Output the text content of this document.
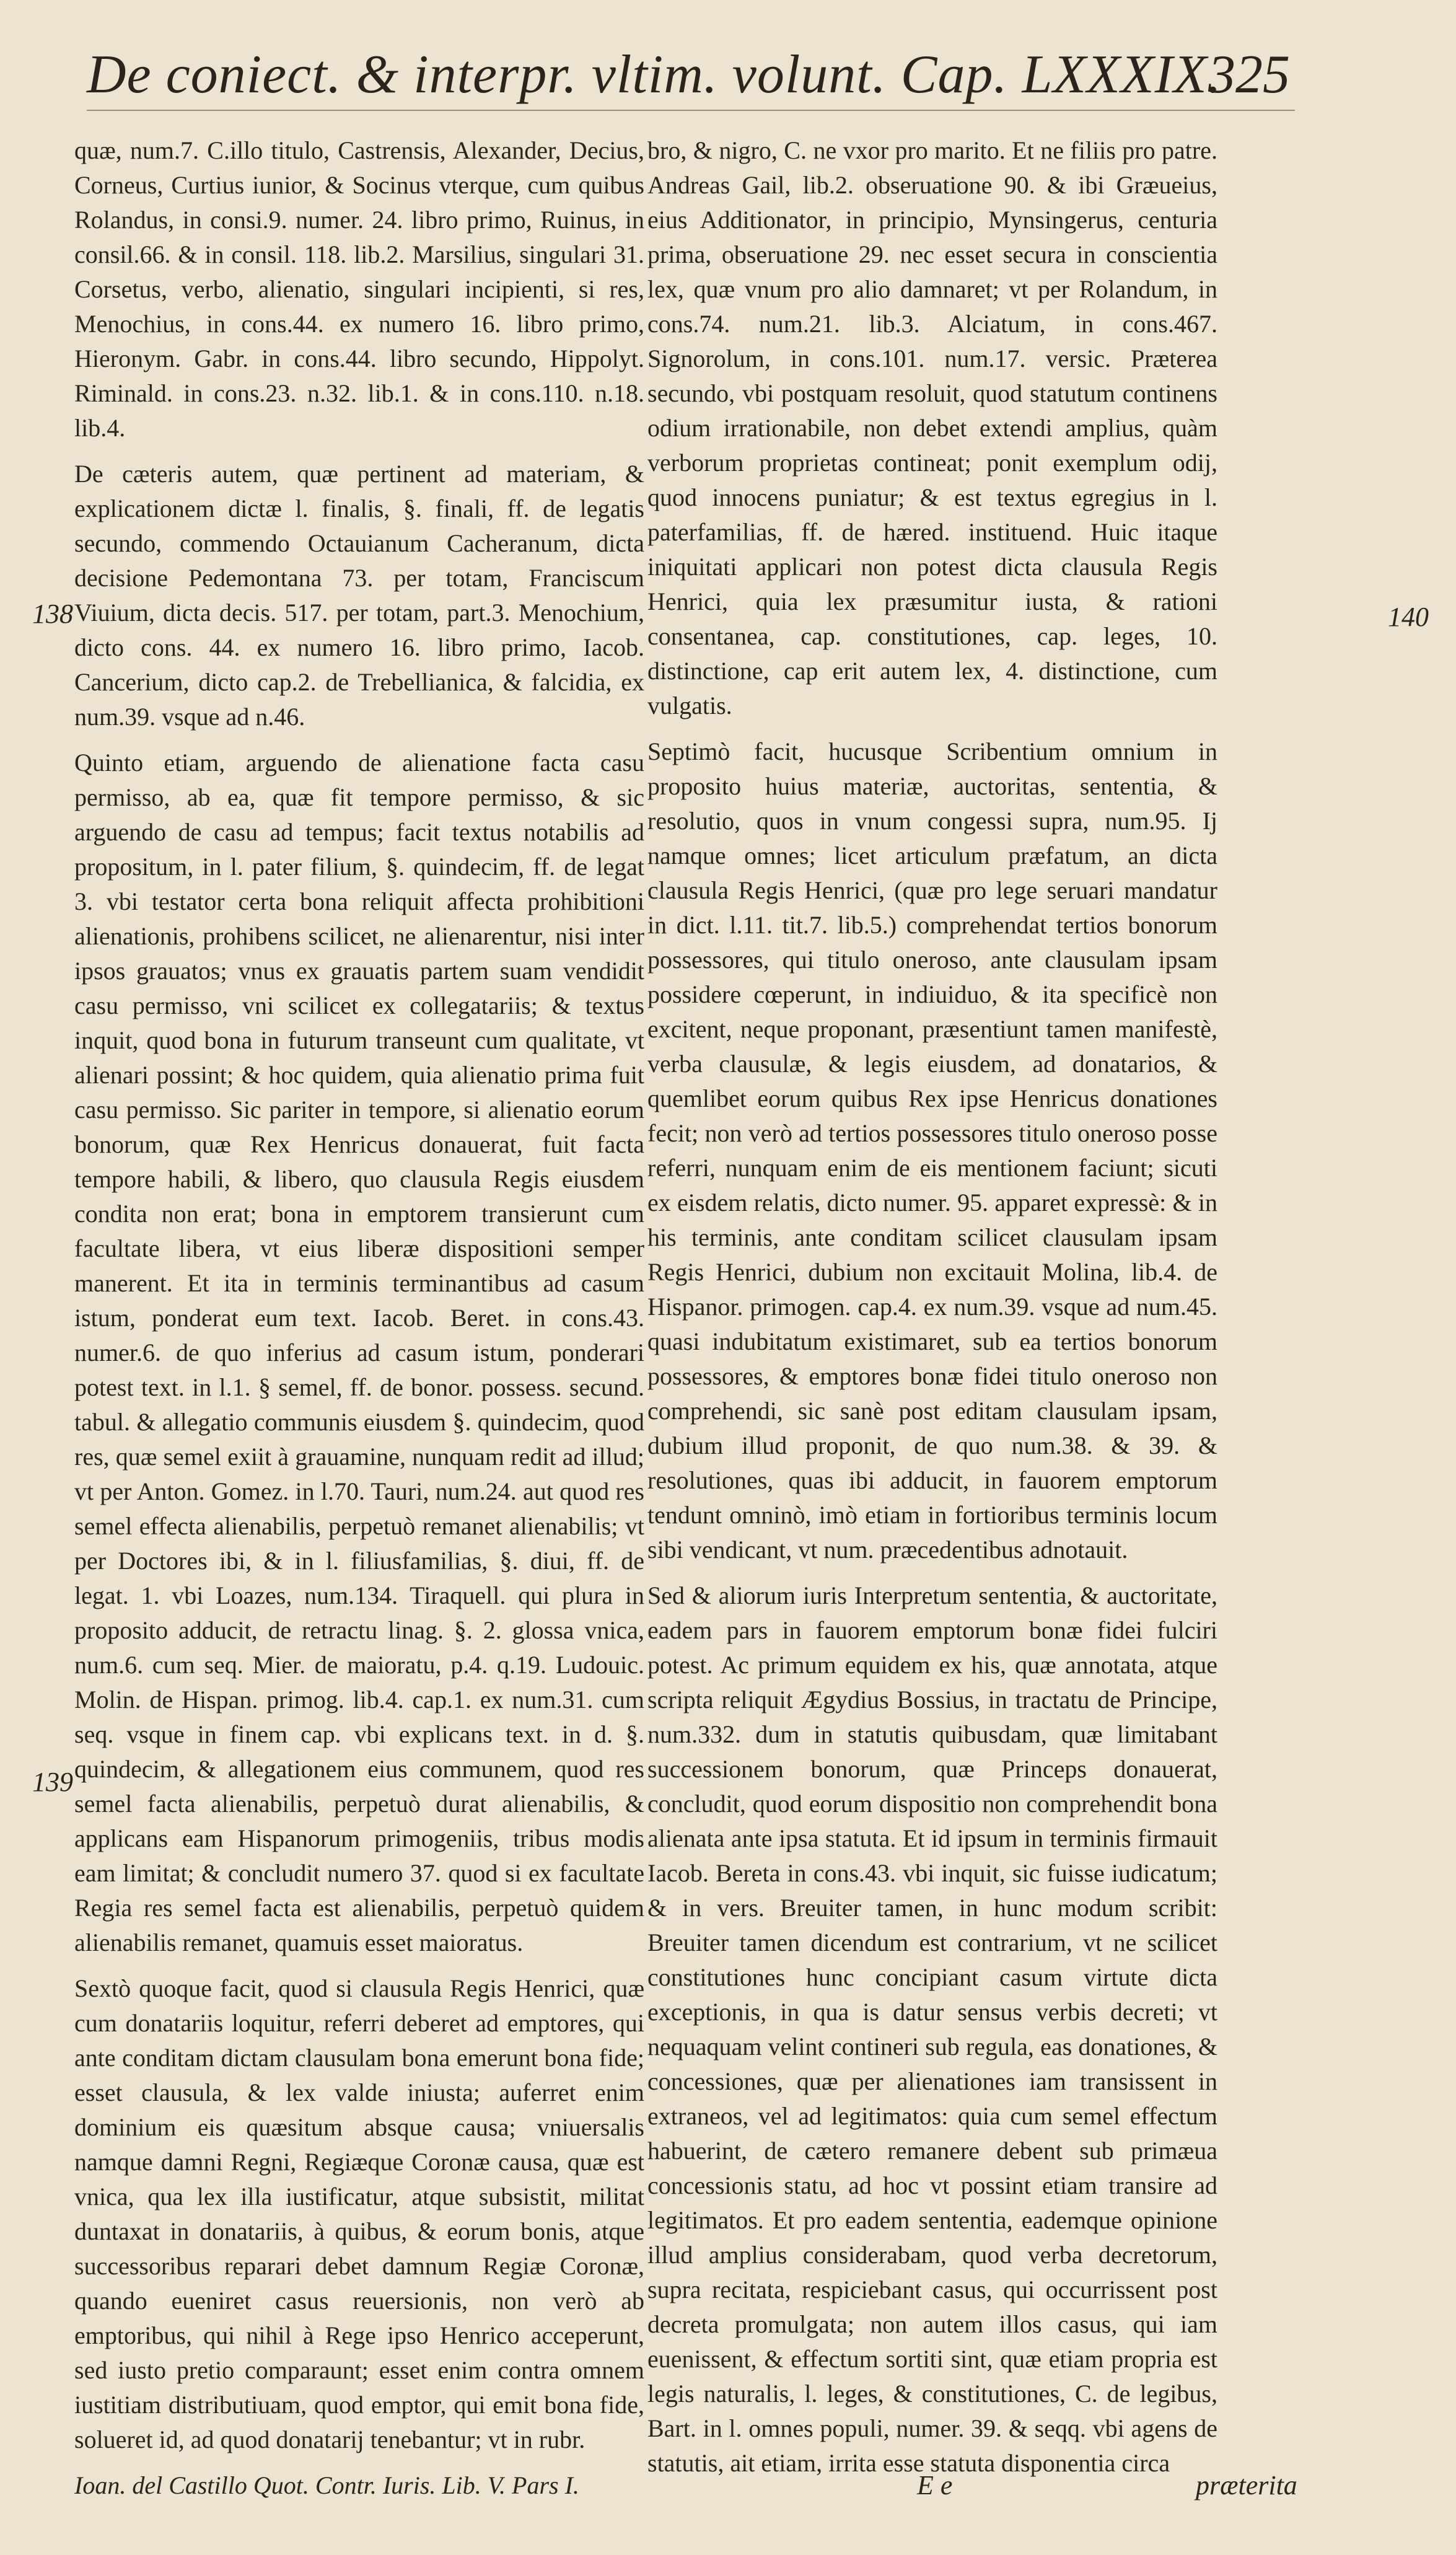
De coniect. & interpr. vltim. volunt. Cap. LXXXIX.
325

quæ, num.7. C.illo titulo, Castrensis, Alexander, Decius, Corneus, Curtius iunior, & Socinus vterque, cum quibus Rolandus, in consi.9. numer. 24. libro primo, Ruinus, in consil.66. & in consil. 118. lib.2. Marsilius, singulari 31. Corsetus, verbo, alienatio, singulari incipienti, si res, Menochius, in cons.44. ex numero 16. libro primo, Hieronym. Gabr. in cons.44. libro secundo, Hippolyt. Riminald. in cons.23. n.32. lib.1. & in cons.110. n.18. lib.4.

De cæteris autem, quæ pertinent ad materiam, & explicationem dictæ l. finalis, §. finali, ff. de legatis secundo, commendo Octauianum Cacheranum, dicta decisione Pedemontana 73. per totam, Franciscum Viuium, dicta decis. 517. per totam, part.3. Menochium, dicto cons. 44. ex numero 16. libro primo, Iacob. Cancerium, dicto cap.2. de Trebellianica, & falcidia, ex num.39. vsque ad n.46.

Quinto etiam, arguendo de alienatione facta casu permisso, ab ea, quæ fit tempore permisso, & sic arguendo de casu ad tempus; facit textus notabilis ad propositum, in l. pater filium, §. quindecim, ff. de legat 3. vbi testator certa bona reliquit affecta prohibitioni alienationis, prohibens scilicet, ne alienarentur, nisi inter ipsos grauatos; vnus ex grauatis partem suam vendidit casu permisso, vni scilicet ex collegatariis; & textus inquit, quod bona in futurum transeunt cum qualitate, vt alienari possint; & hoc quidem, quia alienatio prima fuit casu permisso. Sic pariter in tempore, si alienatio eorum bonorum, quæ Rex Henricus donauerat, fuit facta tempore habili, & libero, quo clausula Regis eiusdem condita non erat; bona in emptorem transierunt cum facultate libera, vt eius liberæ dispositioni semper manerent. Et ita in terminis terminantibus ad casum istum, ponderat eum text. Iacob. Beret. in cons.43. numer.6. de quo inferius ad casum istum, ponderari potest text. in l.1. § semel, ff. de bonor. possess. secund. tabul. & allegatio communis eiusdem §. quindecim, quod res, quæ semel exiit à grauamine, nunquam redit ad illud; vt per Anton. Gomez. in l.70. Tauri, num.24. aut quod res semel effecta alienabilis, perpetuò remanet alienabilis; vt per Doctores ibi, & in l. filiusfamilias, §. diui, ff. de legat. 1. vbi Loazes, num.134. Tiraquell. qui plura in proposito adducit, de retractu linag. §. 2. glossa vnica, num.6. cum seq. Mier. de maioratu, p.4. q.19. Ludouic. Molin. de Hispan. primog. lib.4. cap.1. ex num.31. cum seq. vsque in finem cap. vbi explicans text. in d. §. quindecim, & allegationem eius communem, quod res semel facta alienabilis, perpetuò durat alienabilis, & applicans eam Hispanorum primogeniis, tribus modis eam limitat; & concludit numero 37. quod si ex facultate Regia res semel facta est alienabilis, perpetuò quidem alienabilis remanet, quamuis esset maioratus.

Sextò quoque facit, quod si clausula Regis Henrici, quæ cum donatariis loquitur, referri deberet ad emptores, qui ante conditam dictam clausulam bona emerunt bona fide; esset clausula, & lex valde iniusta; auferret enim dominium eis quæsitum absque causa; vniuersalis namque damni Regni, Regiæque Coronæ causa, quæ est vnica, qua lex illa iustificatur, atque subsistit, militat duntaxat in donatariis, à quibus, & eorum bonis, atque successoribus reparari debet damnum Regiæ Coronæ, quando eueniret casus reuersionis, non verò ab emptoribus, qui nihil à Rege ipso Henrico acceperunt, sed iusto pretio comparaunt; esset enim contra omnem iustitiam distributiuam, quod emptor, qui emit bona fide, solueret id, ad quod donatarij tenebantur; vt in rubr.

Ioan. del Castillo Quot. Contr. Iuris. Lib. V. Pars I.

bro, & nigro, C. ne vxor pro marito. Et ne filiis pro patre. Andreas Gail, lib.2. obseruatione 90. & ibi Græueius, eius Additionator, in principio, Mynsingerus, centuria prima, obseruatione 29. nec esset secura in conscientia lex, quæ vnum pro alio damnaret; vt per Rolandum, in cons.74. num.21. lib.3. Alciatum, in cons.467. Signorolum, in cons.101. num.17. versic. Præterea secundo, vbi postquam resoluit, quod statutum continens odium irrationabile, non debet extendi amplius, quàm verborum proprietas contineat; ponit exemplum odij, quod innocens puniatur; & est textus egregius in l. paterfamilias, ff. de hæred. instituend. Huic itaque iniquitati applicari non potest dicta clausula Regis Henrici, quia lex præsumitur iusta, & rationi consentanea, cap. constitutiones, cap. leges, 10. distinctione, cap erit autem lex, 4. distinctione, cum vulgatis.

Septimò facit, hucusque Scribentium omnium in proposito huius materiæ, auctoritas, sententia, & resolutio, quos in vnum congessi supra, num.95. Ij namque omnes; licet articulum præfatum, an dicta clausula Regis Henrici, (quæ pro lege seruari mandatur in dict. l.11. tit.7. lib.5.) comprehendat tertios bonorum possessores, qui titulo oneroso, ante clausulam ipsam possidere cœperunt, in indiuiduo, & ita specificè non excitent, neque proponant, præsentiunt tamen manifestè, verba clausulæ, & legis eiusdem, ad donatarios, & quemlibet eorum quibus Rex ipse Henricus donationes fecit; non verò ad tertios possessores titulo oneroso posse referri, nunquam enim de eis mentionem faciunt; sicuti ex eisdem relatis, dicto numer. 95. apparet expressè: & in his terminis, ante conditam scilicet clausulam ipsam Regis Henrici, dubium non excitauit Molina, lib.4. de Hispanor. primogen. cap.4. ex num.39. vsque ad num.45. quasi indubitatum existimaret, sub ea tertios bonorum possessores, & emptores bonæ fidei titulo oneroso non comprehendi, sic sanè post editam clausulam ipsam, dubium illud proponit, de quo num.38. & 39. & resolutiones, quas ibi adducit, in fauorem emptorum tendunt omninò, imò etiam in fortioribus terminis locum sibi vendicant, vt num. præcedentibus adnotauit.

Sed & aliorum iuris Interpretum sententia, & auctoritate, eadem pars in fauorem emptorum bonæ fidei fulciri potest. Ac primum equidem ex his, quæ annotata, atque scripta reliquit Ægydius Bossius, in tractatu de Principe, num.332. dum in statutis quibusdam, quæ limitabant successionem bonorum, quæ Princeps donauerat, concludit, quod eorum dispositio non comprehendit bona alienata ante ipsa statuta. Et id ipsum in terminis firmauit Iacob. Bereta in cons.43. vbi inquit, sic fuisse iudicatum; & in vers. Breuiter tamen, in hunc modum scribit: Breuiter tamen dicendum est contrarium, vt ne scilicet constitutiones hunc concipiant casum virtute dicta exceptionis, in qua is datur sensus verbis decreti; vt nequaquam velint contineri sub regula, eas donationes, & concessiones, quæ per alienationes iam transissent in extraneos, vel ad legitimatos: quia cum semel effectum habuerint, de cætero remanere debent sub primæua concessionis statu, ad hoc vt possint etiam transire ad legitimatos. Et pro eadem sententia, eademque opinione illud amplius considerabam, quod verba decretorum, supra recitata, respiciebant casus, qui occurrissent post decreta promulgata; non autem illos casus, qui iam euenissent, & effectum sortiti sint, quæ etiam propria est legis naturalis, l. leges, & constitutiones, C. de legibus, Bart. in l. omnes populi, numer. 39. & seqq. vbi agens de statutis, ait etiam, irrita esse statuta disponentia circa

138
139
140
E e	præterita
